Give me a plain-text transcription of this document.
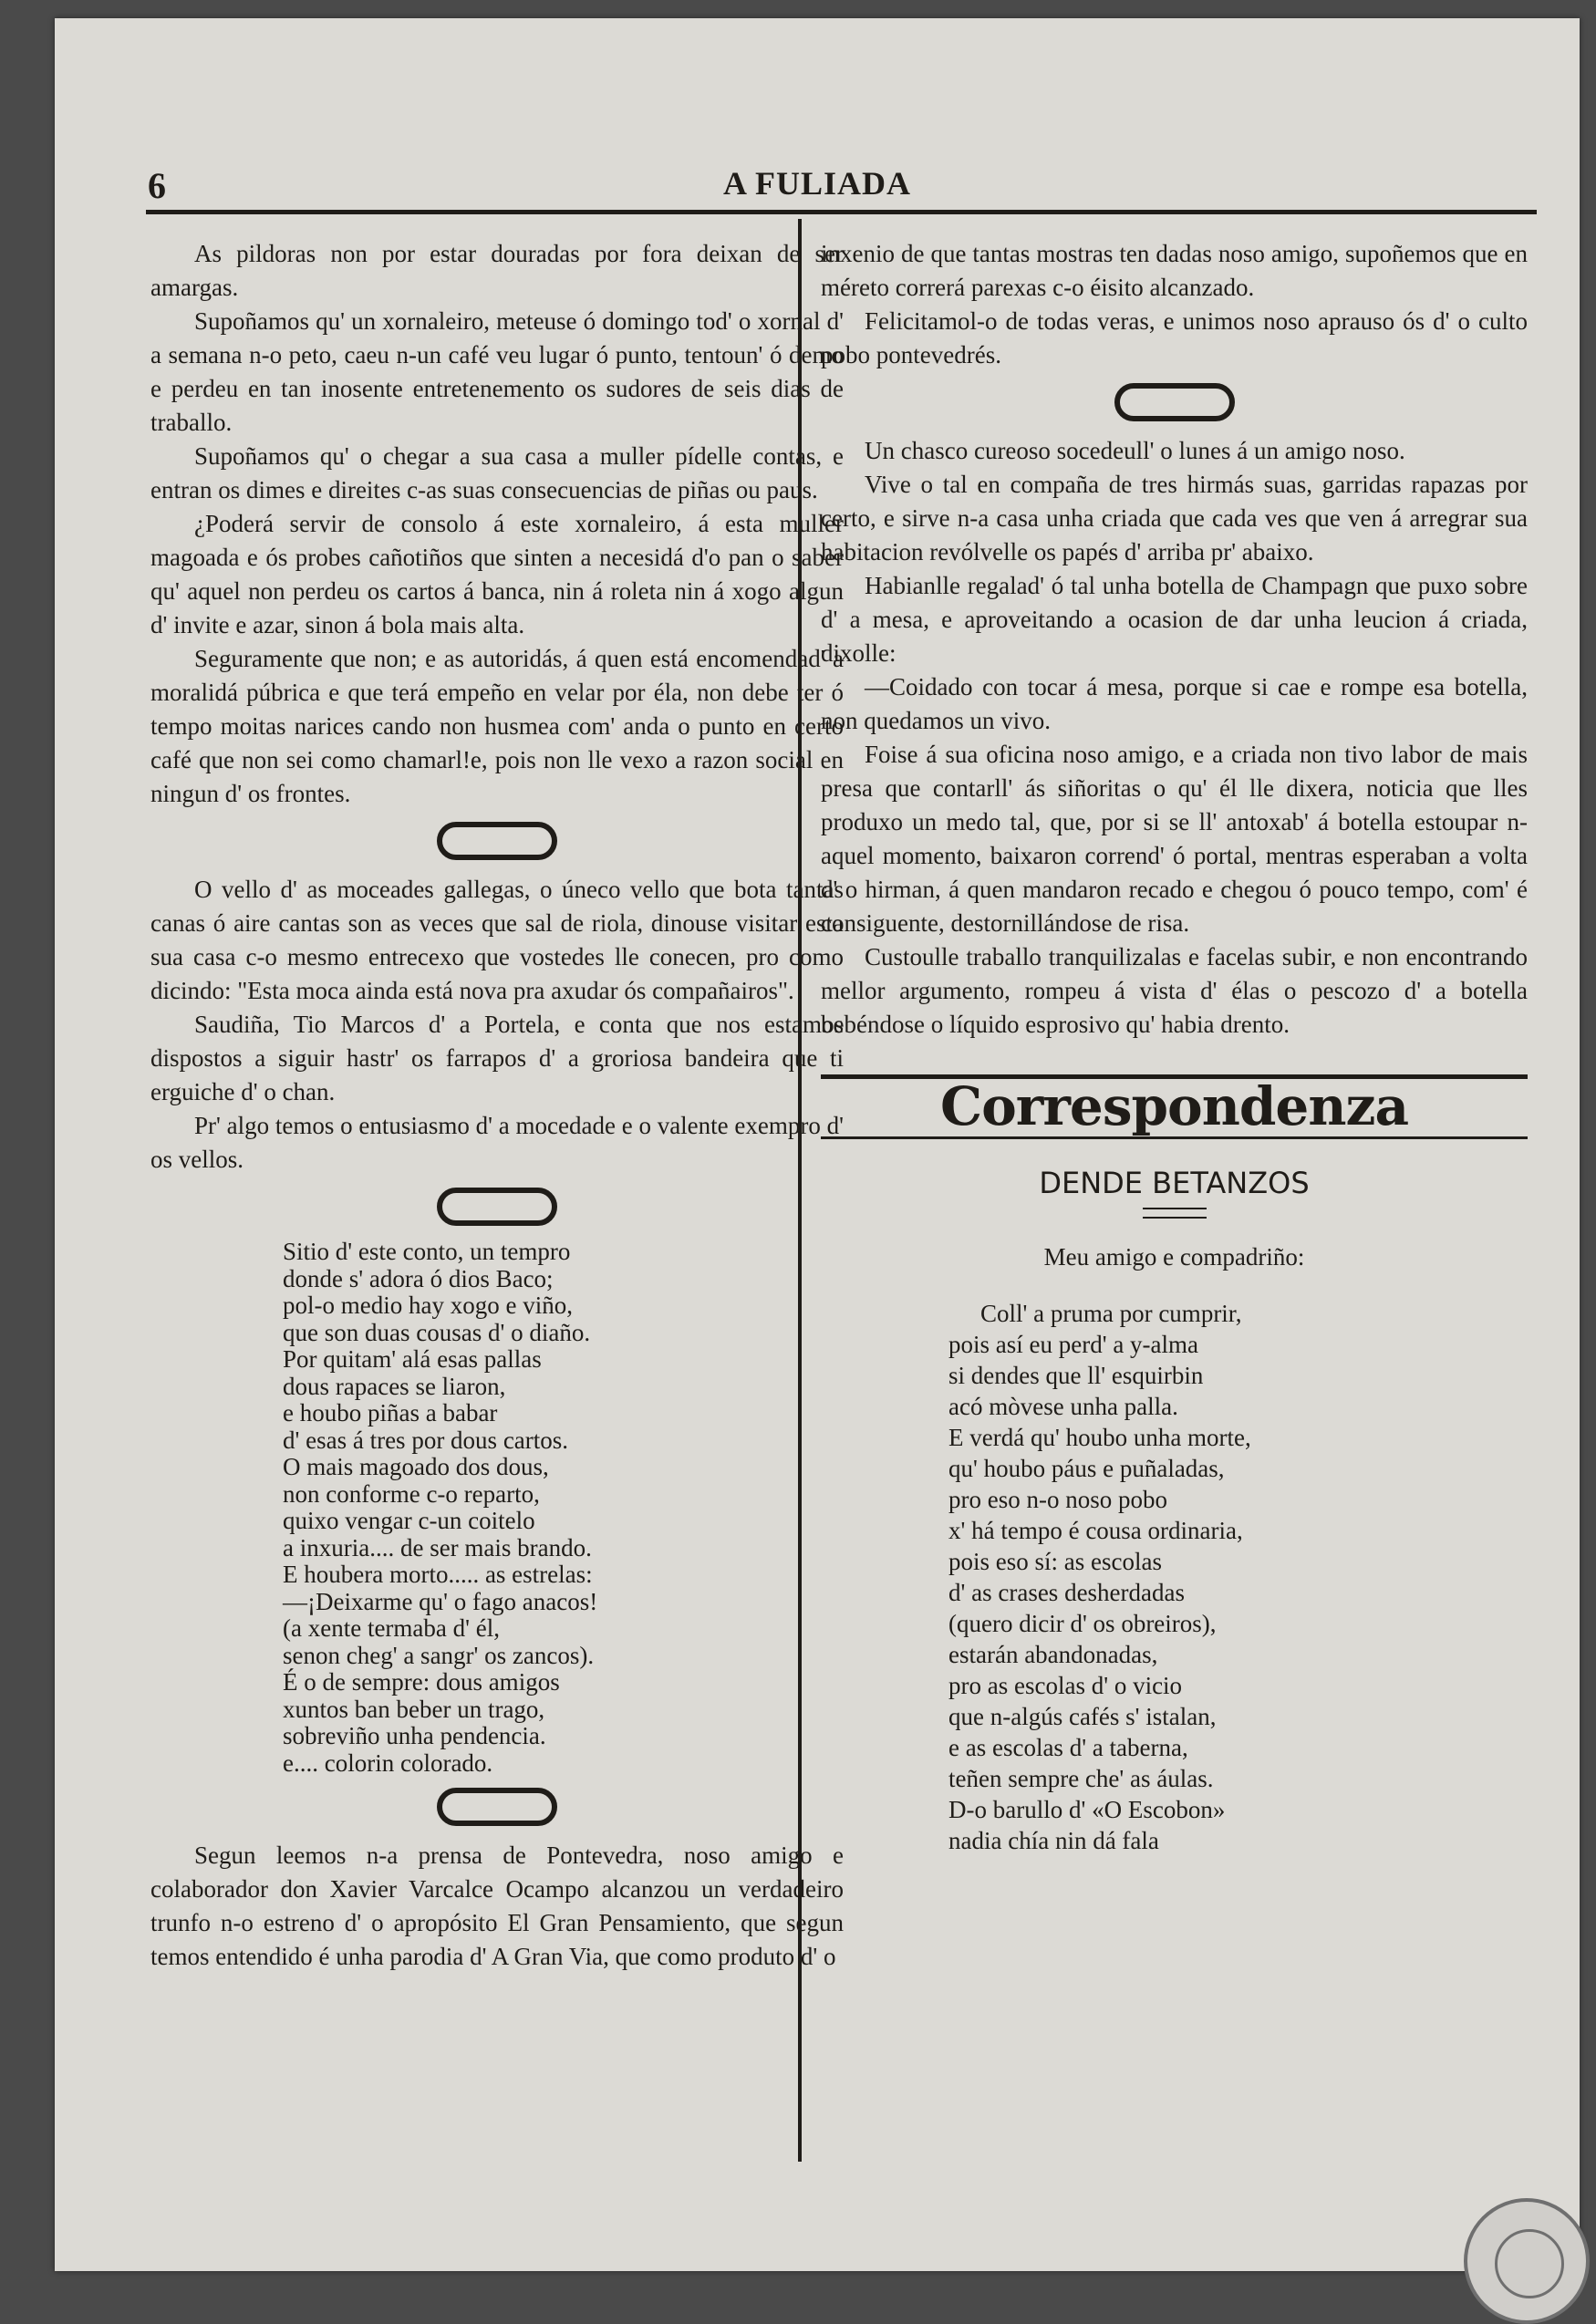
6	A FULIADA

As pildoras non por estar douradas por fora deixan de ser amargas.

Supoñamos qu' un xornaleiro, meteuse ó domingo tod' o xornal d' a semana n-o peto, caeu n-un café veu lugar ó punto, tentoun' ó demo e perdeu en tan inosente entretenemento os sudores de seis dias de traballo.

Supoñamos qu' o chegar a sua casa a muller pídelle contas, e entran os dimes e direites c-as suas consecuencias de piñas ou paus.

¿Poderá servir de consolo á este xornaleiro, á esta muller magoada e ós probes cañotiños que sinten a necesidá d'o pan o saber qu' aquel non perdeu os cartos á banca, nin á roleta nin á xogo algun d' invite e azar, sinon á bola mais alta.

Seguramente que non; e as autoridás, á quen está encomendad' a moralidá púbrica e que terá empeño en velar por éla, non debe ter ó tempo moitas narices cando non husmea com' anda o punto en certo café que non sei como chamarl!e, pois non lle vexo a razon social en ningun d' os frontes.

O vello d' as moceades gallegas, o úneco vello que bota tantas canas ó aire cantas son as veces que sal de riola, dinouse visitar esta sua casa c-o mesmo entrecexo que vostedes lle conecen, pro como dicindo: "Esta moca ainda está nova pra axudar ós compañairos".

Saudiña, Tio Marcos d' a Portela, e conta que nos estamos dispostos a siguir hastr' os farrapos d' a groriosa bandeira que ti erguiche d' o chan.

Pr' algo temos o entusiasmo d' a mocedade e o valente exempro d' os vellos.

Sitio d' este conto, un tempro
donde s' adora ó dios Baco;
pol-o medio hay xogo e viño,
que son duas cousas d' o diaño.
Por quitam' alá esas pallas
dous rapaces se liaron,
e houbo piñas a babar
d' esas á tres por dous cartos.
O mais magoado dos dous,
non conforme c-o reparto,
quixo vengar c-un coitelo
a inxuria.... de ser mais brando.
E houbera morto..... as estrelas:
—¡Deixarme qu' o fago anacos!
(a xente termaba d' él,
senon cheg' a sangr' os zancos).
É o de sempre: dous amigos
xuntos ban beber un trago,
sobreviño unha pendencia.
e.... colorin colorado.

Segun leemos n-a prensa de Pontevedra, noso amigo e colaborador don Xavier Varcalce Ocampo alcanzou un verdadeiro trunfo n-o estreno d' o apropósito El Gran Pensamiento, que segun temos entendido é unha parodia d' A Gran Via, que como produto d' o

inxenio de que tantas mostras ten dadas noso amigo, supoñemos que en méreto correrá parexas c-o éisito alcanzado.

Felicitamol-o de todas veras, e unimos noso aprauso ós d' o culto pobo pontevedrés.

Un chasco cureoso socedeull' o lunes á un amigo noso.

Vive o tal en compaña de tres hirmás suas, garridas rapazas por certo, e sirve n-a casa unha criada que cada ves que ven á arregrar sua habitacion revólvelle os papés d' arriba pr' abaixo.

Habianlle regalad' ó tal unha botella de Champagn que puxo sobre d' a mesa, e aproveitando a ocasion de dar unha leucion á criada, dixolle:

—Coidado con tocar á mesa, porque si cae e rompe esa botella, non quedamos un vivo.

Foise á sua oficina noso amigo, e a criada non tivo labor de mais presa que contarll' ás siñoritas o qu' él lle dixera, noticia que lles produxo un medo tal, que, por si se ll' antoxab' á botella estoupar n-aquel momento, baixaron corrend' ó portal, mentras esperaban a volta d' o hirman, á quen mandaron recado e chegou ó pouco tempo, com' é consiguente, destornillándose de risa.

Custoulle traballo tranquilizalas e facelas subir, e non encontrando mellor argumento, rompeu á vista d' élas o pescozo d' a botella bebéndose o líquido esprosivo qu' habia drento.

Correspondenza
DENDE BETANZOS
Meu amigo e compadriño:
Coll' a pruma por cumprir,
pois así eu perd' a y-alma
si dendes que ll' esquirbin
acó mòvese unha palla.
E verdá qu' houbo unha morte,
qu' houbo páus e puñaladas,
pro eso n-o noso pobo
x' há tempo é cousa ordinaria,
pois eso sí: as escolas
d' as crases desherdadas
(quero dicir d' os obreiros),
estarán abandonadas,
pro as escolas d' o vicio
que n-algús cafés s' istalan,
e as escolas d' a taberna,
teñen sempre che' as áulas.
D-o barullo d' «O Escobon»
nadia chía nin dá fala
